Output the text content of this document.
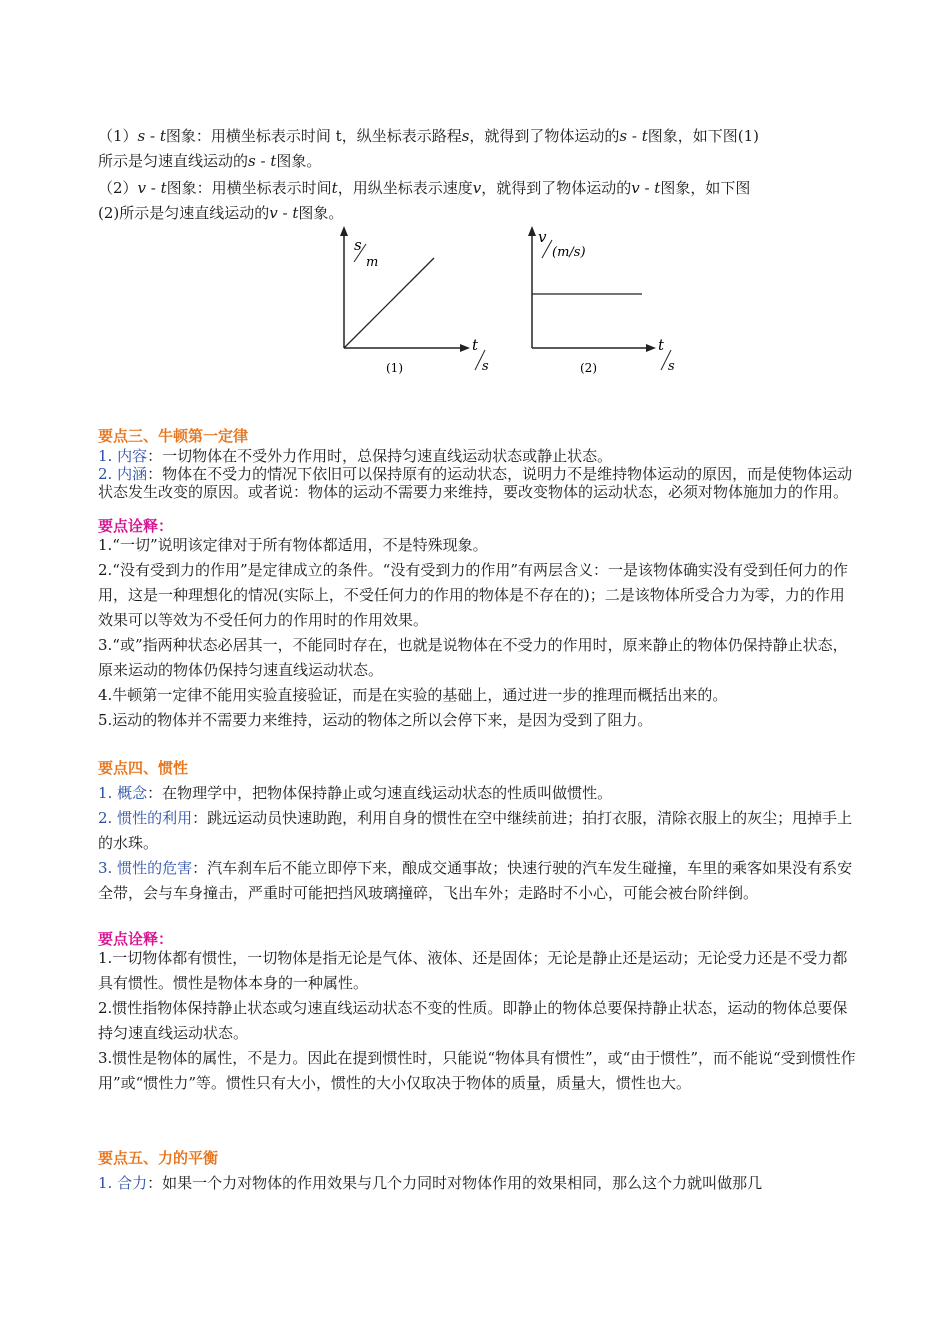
（1）s - t图象：用横坐标表示时间 t，纵坐标表示路程s，就得到了物体运动的s - t图象，如下图(1)
所示是匀速直线运动的s - t图象。

（2）v - t图象：用横坐标表示时间t，用纵坐标表示速度v，就得到了物体运动的v - t图象，如下图
(2)所示是匀速直线运动的v - t图象。

s
m
t
s
(1)
v
(m/s)
t
s
(2)
要点三、牛顿第一定律

1. 内容：一切物体在不受外力作用时，总保持匀速直线运动状态或静止状态。

2. 内涵：物体在不受力的情况下依旧可以保持原有的运动状态，说明力不是维持物体运动的原因，而是使物体运动状态发生改变的原因。或者说：物体的运动不需要力来维持，要改变物体的运动状态，必须对物体施加力的作用。

要点诠释：
1.“一切”说明该定律对于所有物体都适用，不是特殊现象。
2.“没有受到力的作用”是定律成立的条件。“没有受到力的作用”有两层含义：一是该物体确实没有受到任何力的作用，这是一种理想化的情况(实际上，不受任何力的作用的物体是不存在的)；二是该物体所受合力为零，力的作用效果可以等效为不受任何力的作用时的作用效果。
3.“或”指两种状态必居其一，不能同时存在，也就是说物体在不受力的作用时，原来静止的物体仍保持静止状态，原来运动的物体仍保持匀速直线运动状态。
4.牛顿第一定律不能用实验直接验证，而是在实验的基础上，通过进一步的推理而概括出来的。
5.运动的物体并不需要力来维持，运动的物体之所以会停下来，是因为受到了阻力。
要点四、惯性
1. 概念：在物理学中，把物体保持静止或匀速直线运动状态的性质叫做惯性。
2. 惯性的利用：跳远运动员快速助跑，利用自身的惯性在空中继续前进；拍打衣服，清除衣服上的灰尘；甩掉手上的水珠。
3. 惯性的危害：汽车刹车后不能立即停下来，酿成交通事故；快速行驶的汽车发生碰撞，车里的乘客如果没有系安全带，会与车身撞击，严重时可能把挡风玻璃撞碎，飞出车外；走路时不小心，可能会被台阶绊倒。
要点诠释：
1.一切物体都有惯性，一切物体是指无论是气体、液体、还是固体；无论是静止还是运动；无论受力还是不受力都具有惯性。惯性是物体本身的一种属性。
2.惯性指物体保持静止状态或匀速直线运动状态不变的性质。即静止的物体总要保持静止状态，运动的物体总要保持匀速直线运动状态。
3.惯性是物体的属性，不是力。因此在提到惯性时，只能说“物体具有惯性”，或“由于惯性”，而不能说“受到惯性作用”或“惯性力”等。惯性只有大小，惯性的大小仅取决于物体的质量，质量大，惯性也大。
要点五、力的平衡

1. 合力：如果一个力对物体的作用效果与几个力同时对物体作用的效果相同，那么这个力就叫做那几
